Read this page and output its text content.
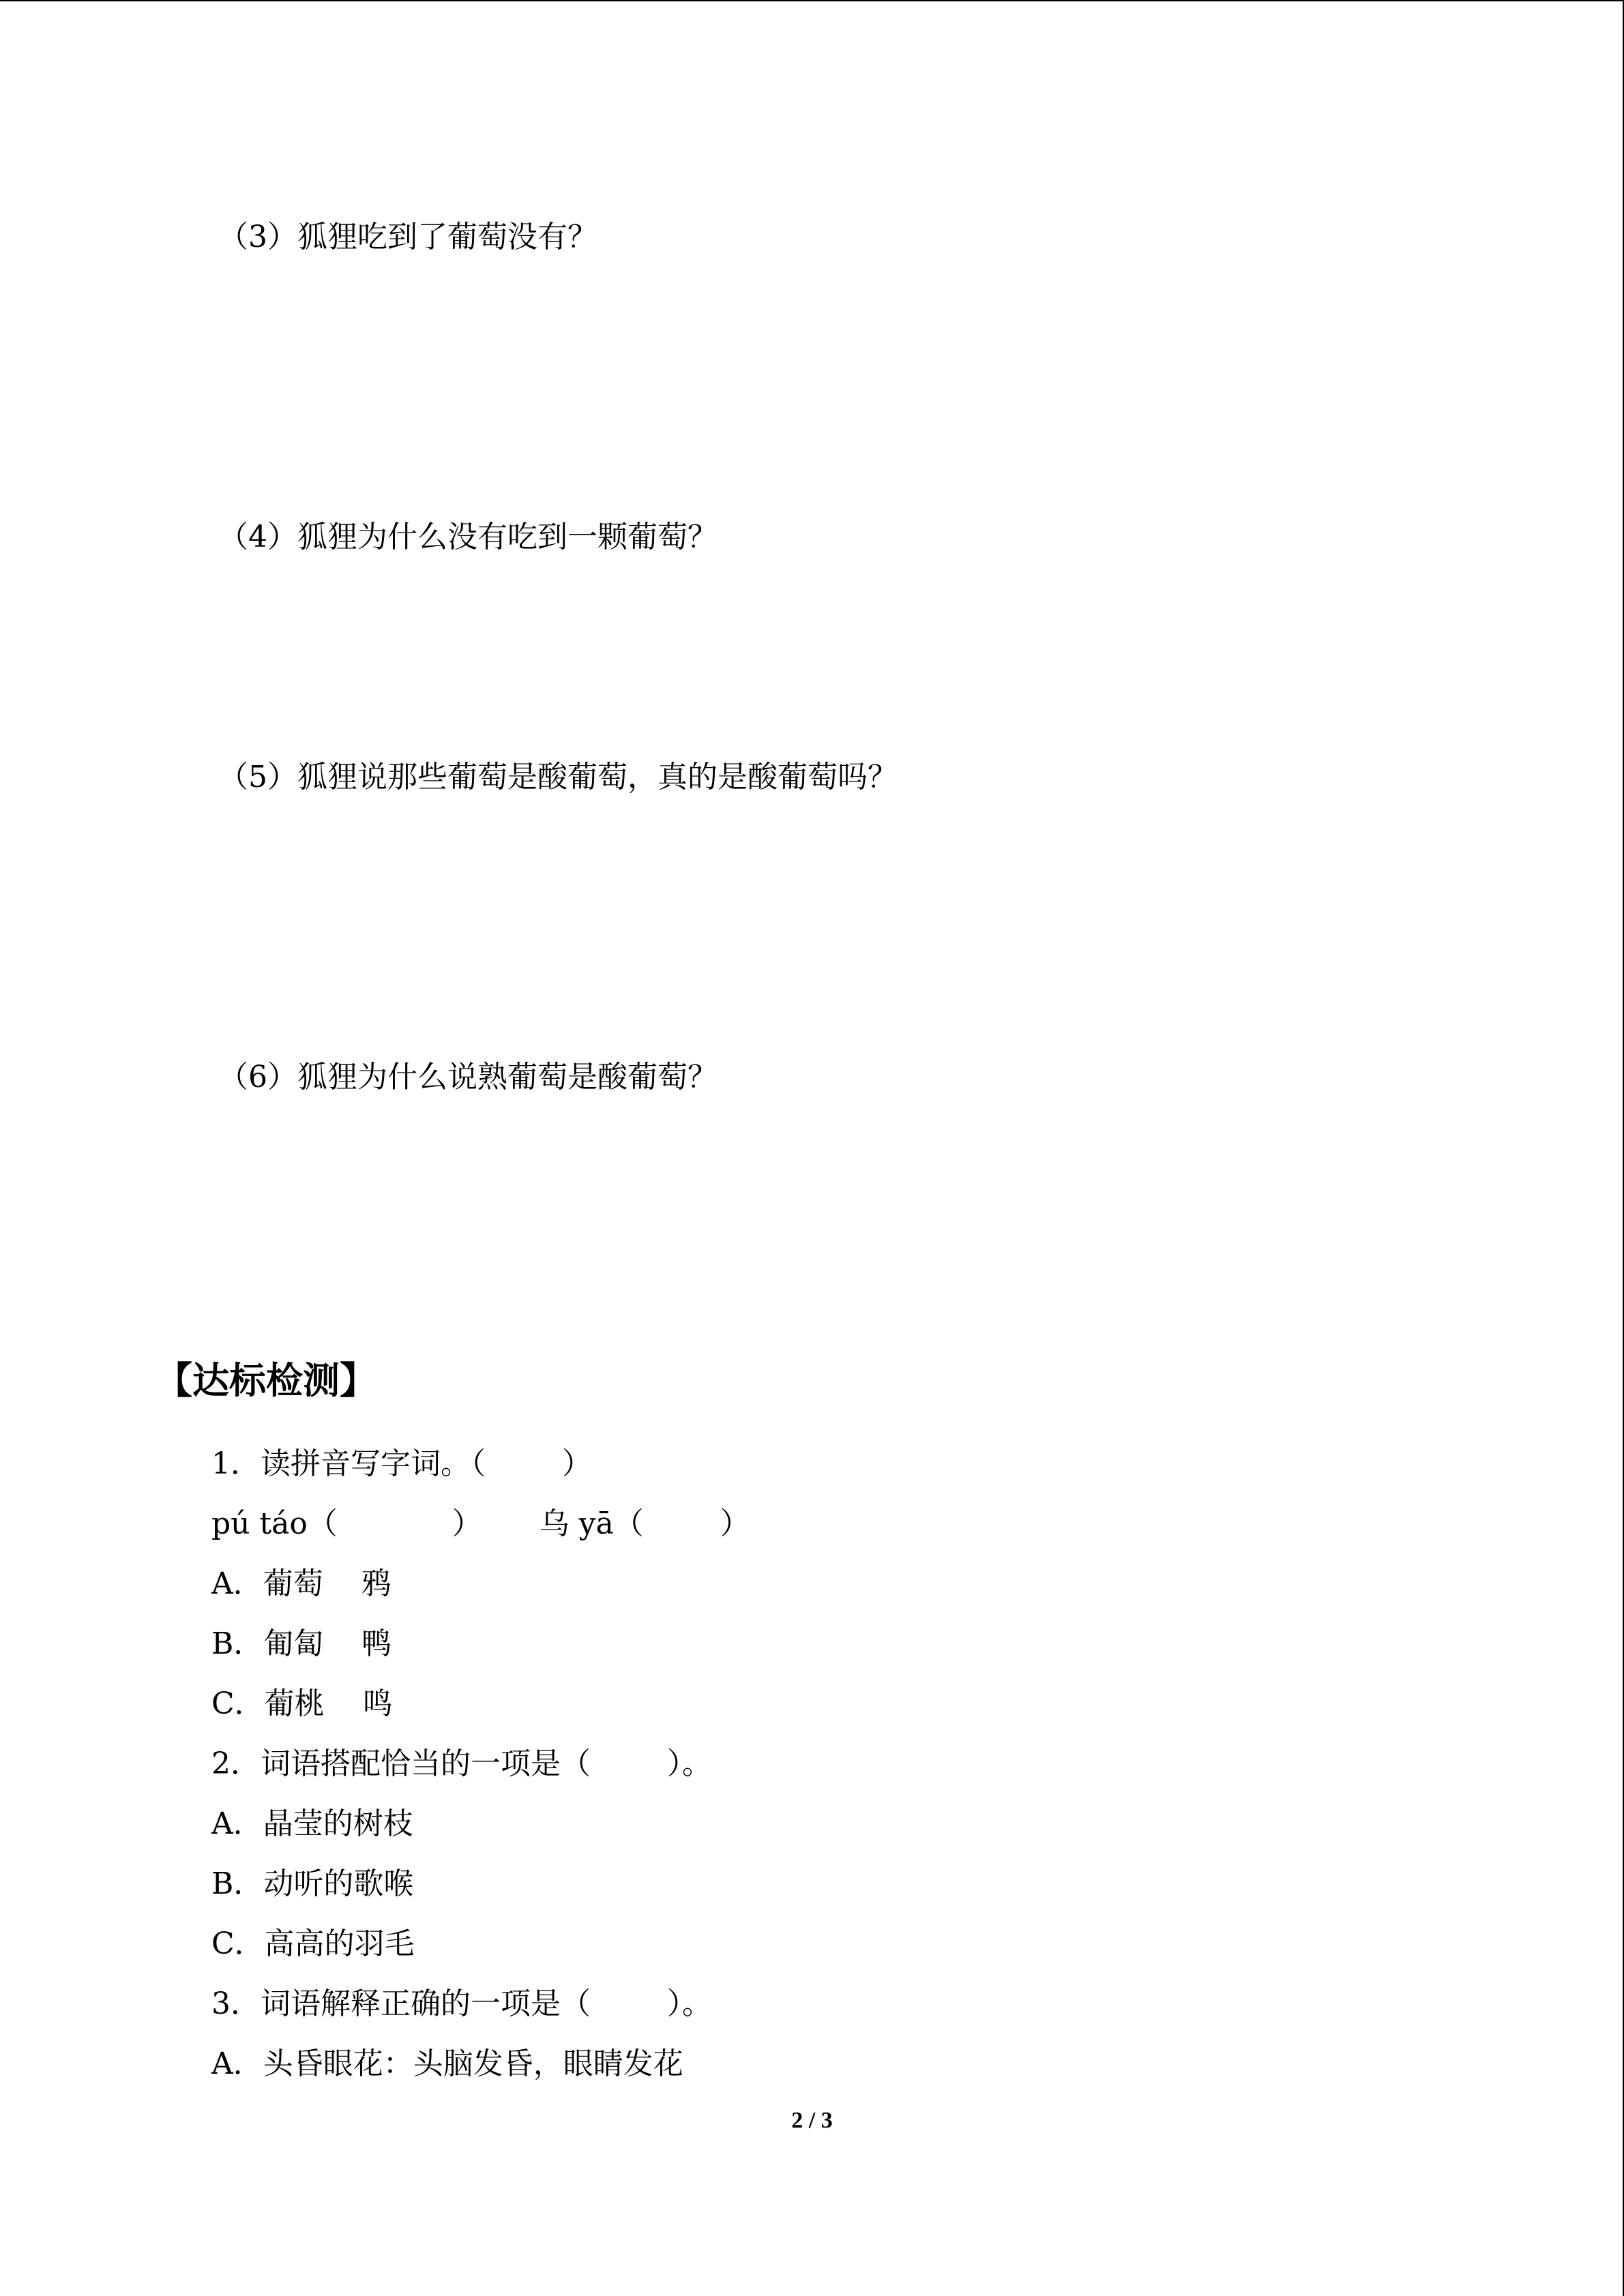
（3）狐狸吃到了葡萄没有？

（4）狐狸为什么没有吃到一颗葡萄？

（5）狐狸说那些葡萄是酸葡萄，真的是酸葡萄吗？

（6）狐狸为什么说熟葡萄是酸葡萄？

【达标检测】

1．读拼音写字词。（        ）

pú táo（            ）      乌 yā（        ）

A．葡萄    鸦

B．匍匐    鸭

C．葡桃    鸣

2．词语搭配恰当的一项是（        ）。

A．晶莹的树枝

B．动听的歌喉

C．高高的羽毛

3．词语解释正确的一项是（        ）。

A．头昏眼花：头脑发昏，眼睛发花

2 / 3
